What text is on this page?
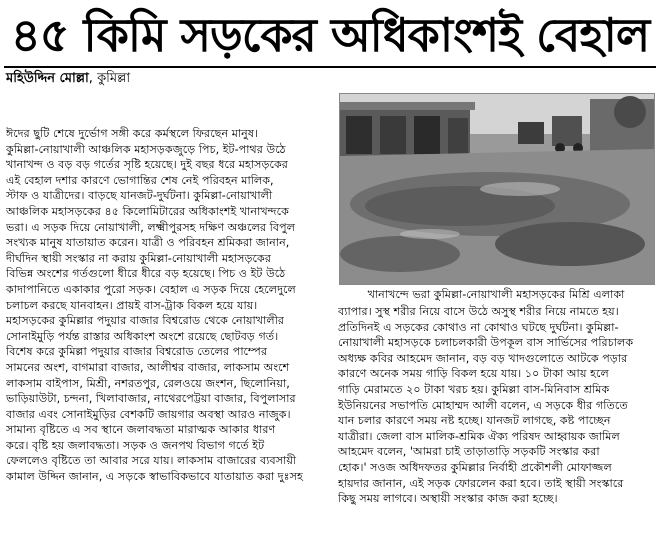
৪৫ কিমি সড়কের অধিকাংশই বেহাল
মহিউদ্দিন মোল্লা, কুমিল্লা
খানাখন্দে ভরা কুমিল্লা-নোয়াখালী মহাসড়কের মিশ্রি এলাকা

ঈদের ছুটি শেষে দুর্ভোগ সঙ্গী করে কর্মস্থলে ফিরছেন মানুষ।

কুমিল্লা-নোয়াখালী আঞ্চলিক মহাসড়কজুড়ে পিচ, ইট-পাথর উঠে

খানাখন্দ ও বড় বড় গর্তের সৃষ্টি হয়েছে। দুই বছর ধরে মহাসড়কের

এই বেহাল দশার কারণে ভোগান্তির শেষ নেই পরিবহন মালিক,

স্টাফ ও যাত্রীদের। বাড়ছে যানজট-দুর্ঘটনা। কুমিল্লা-নোয়াখালী

আঞ্চলিক মহাসড়কের ৪৫ কিলোমিটারের অধিকাংশই খানাখন্দকে

ভরা। এ সড়ক দিয়ে নোয়াখালী, লক্ষ্মীপুরসহ দক্ষিণ অঞ্চলের বিপুল

সংখ্যক মানুষ যাতায়াত করেন। যাত্রী ও পরিবহন শ্রমিকরা জানান,

দীর্ঘদিন স্থায়ী সংস্কার না করায় কুমিল্লা-নোয়াখালী মহাসড়কের

বিভিন্ন অংশের গর্তগুলো ধীরে ধীরে বড় হয়েছে। পিচ ও ইট উঠে

কাদাপানিতে একাকার পুরো সড়ক। বেহাল এ সড়ক দিয়ে হেলেদুলে

চলাচল করছে যানবাহন। প্রায়ই বাস-ট্রাক বিকল হয়ে যায়।

মহাসড়কের কুমিল্লার পদুয়ার বাজার বিশ্বরোড থেকে নোয়াখালীর

সোনাইমুড়ি পর্যন্ত রাস্তার অধিকাংশ অংশে রয়েছে ছোটবড় গর্ত।

বিশেষ করে কুমিল্লা পদুয়ার বাজার বিশ্বরোড তেলের পাম্পের

সামনের অংশ, বাগমারা বাজার, আলীশ্বর বাজার, লাকসাম অংশে

লাকসাম বাইপাস, মিশ্রী, নশরতপুর, রেলওয়ে জংশন, ছিলোনিয়া,

ভাড়িয়াউটা, চন্দনা, খিলাবাজার, নাথেরপেট্টয়া বাজার, বিপুলাসার

বাজার এবং সোনাইমুড়ির বেশকটি জায়গার অবস্থা আরও নাজুক।

সামান্য বৃষ্টিতে এ সব স্থানে জলাবদ্ধতা মারাত্মক আকার ধারণ

করে। বৃষ্টি হয় জলাবদ্ধতা। সড়ক ও জনপথ বিভাগ গর্তে ইট

ফেললেও বৃষ্টিতে তা আবার সরে যায়। লাকসাম বাজারের ব্যবসায়ী

কামাল উদ্দিন জানান, এ সড়কে স্বাভাবিকভাবে যাতায়াত করা দুঃসহ

ব্যাপার। সুস্থ শরীর নিয়ে বাসে উঠে অসুস্থ শরীর নিয়ে নামতে হয়।

প্রতিদিনই এ সড়কের কোথাও না কোথাও ঘটছে দুর্ঘটনা। কুমিল্লা-

নোয়াখালী মহাসড়কে চলাচলকারী উপকূল বাস সার্ভিসের পরিচালক

অধ্যক্ষ কবির আহমেদ জানান, বড় বড় খাদগুলোতে আটকে পড়ার

কারণে অনেক সময় গাড়ি বিকল হয়ে যায়। ১০ টাকা আয় হলে

গাড়ি মেরামতে ২০ টাকা খরচ হয়। কুমিল্লা বাস-মিনিবাস শ্রমিক

ইউনিয়নের সভাপতি মোহাম্মদ আলী বলেন, এ সড়কে ধীর গতিতে

যান চলার কারণে সময় নষ্ট হচ্ছে। যানজট লাগছে, কষ্ট পাচ্ছেন

যাত্রীরা। জেলা বাস মালিক-শ্রমিক ঐক্য পরিষদ আহ্বায়ক জামিল

আহমেদ বলেন, 'আমরা চাই তাড়াতাড়ি সড়কটি সংস্কার করা

হোক।' সওজ অধিদফতর কুমিল্লার নির্বাহী প্রকৌশলী মোফাজ্জল

হায়দার জানান, এই সড়ক ফোরলেন করা হবে। তাই স্থায়ী সংস্কারে

কিছু সময় লাগবে। অস্থায়ী সংস্কার কাজ করা হচ্ছে।
